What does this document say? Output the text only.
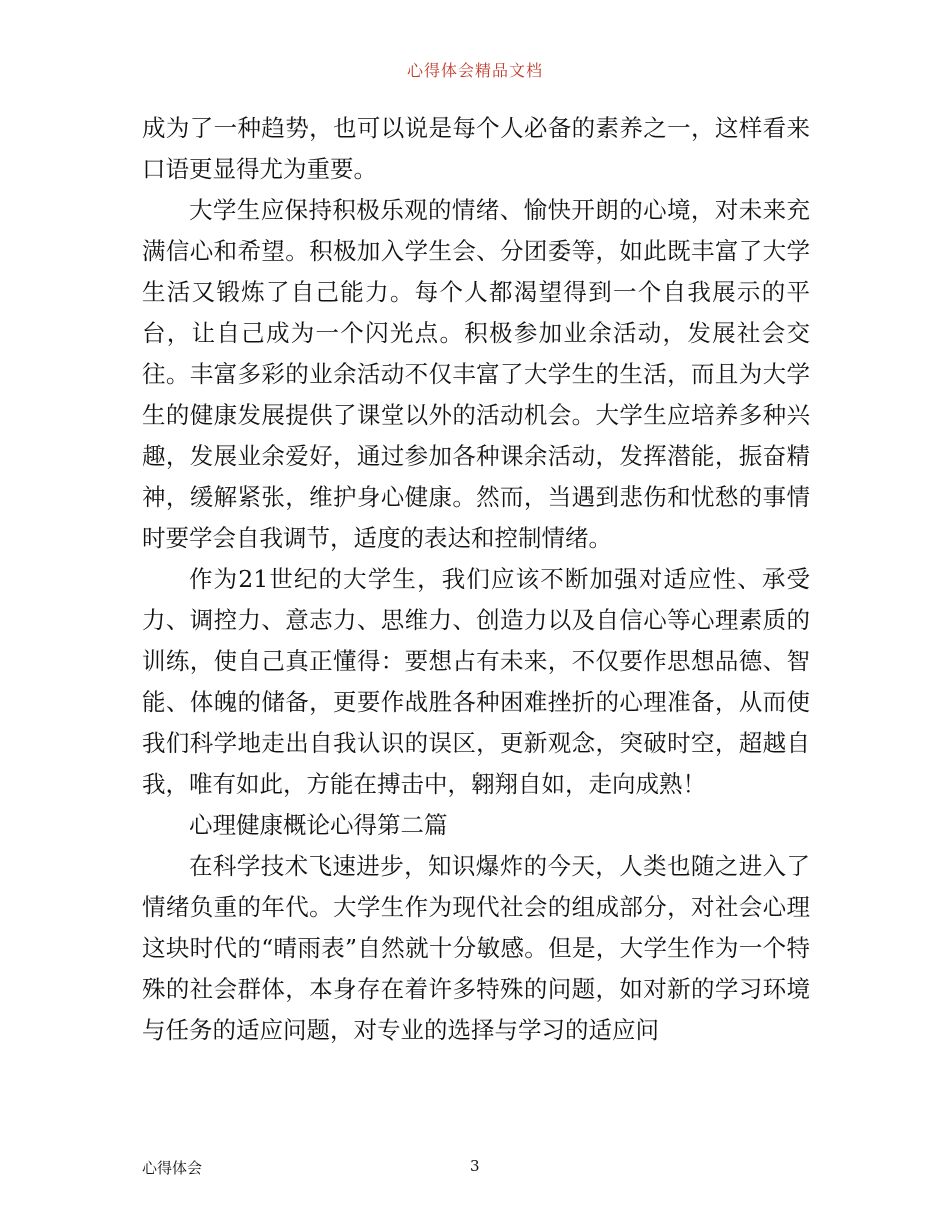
心得体会精品文档

成为了一种趋势，也可以说是每个人必备的素养之一，这样看来口语更显得尤为重要。

大学生应保持积极乐观的情绪、愉快开朗的心境，对未来充满信心和希望。积极加入学生会、分团委等，如此既丰富了大学生活又锻炼了自己能力。每个人都渴望得到一个自我展示的平台，让自己成为一个闪光点。积极参加业余活动，发展社会交往。丰富多彩的业余活动不仅丰富了大学生的生活，而且为大学生的健康发展提供了课堂以外的活动机会。大学生应培养多种兴趣，发展业余爱好，通过参加各种课余活动，发挥潜能，振奋精神，缓解紧张，维护身心健康。然而，当遇到悲伤和忧愁的事情时要学会自我调节，适度的表达和控制情绪。

作为21世纪的大学生，我们应该不断加强对适应性、承受力、调控力、意志力、思维力、创造力以及自信心等心理素质的训练，使自己真正懂得：要想占有未来，不仅要作思想品德、智能、体魄的储备，更要作战胜各种困难挫折的心理准备，从而使我们科学地走出自我认识的误区，更新观念，突破时空，超越自我，唯有如此，方能在搏击中，翱翔自如，走向成熟！

心理健康概论心得第二篇

在科学技术飞速进步，知识爆炸的今天，人类也随之进入了情绪负重的年代。大学生作为现代社会的组成部分，对社会心理这块时代的“晴雨表”自然就十分敏感。但是，大学生作为一个特殊的社会群体，本身存在着许多特殊的问题，如对新的学习环境与任务的适应问题，对专业的选择与学习的适应问

心得体会	3
